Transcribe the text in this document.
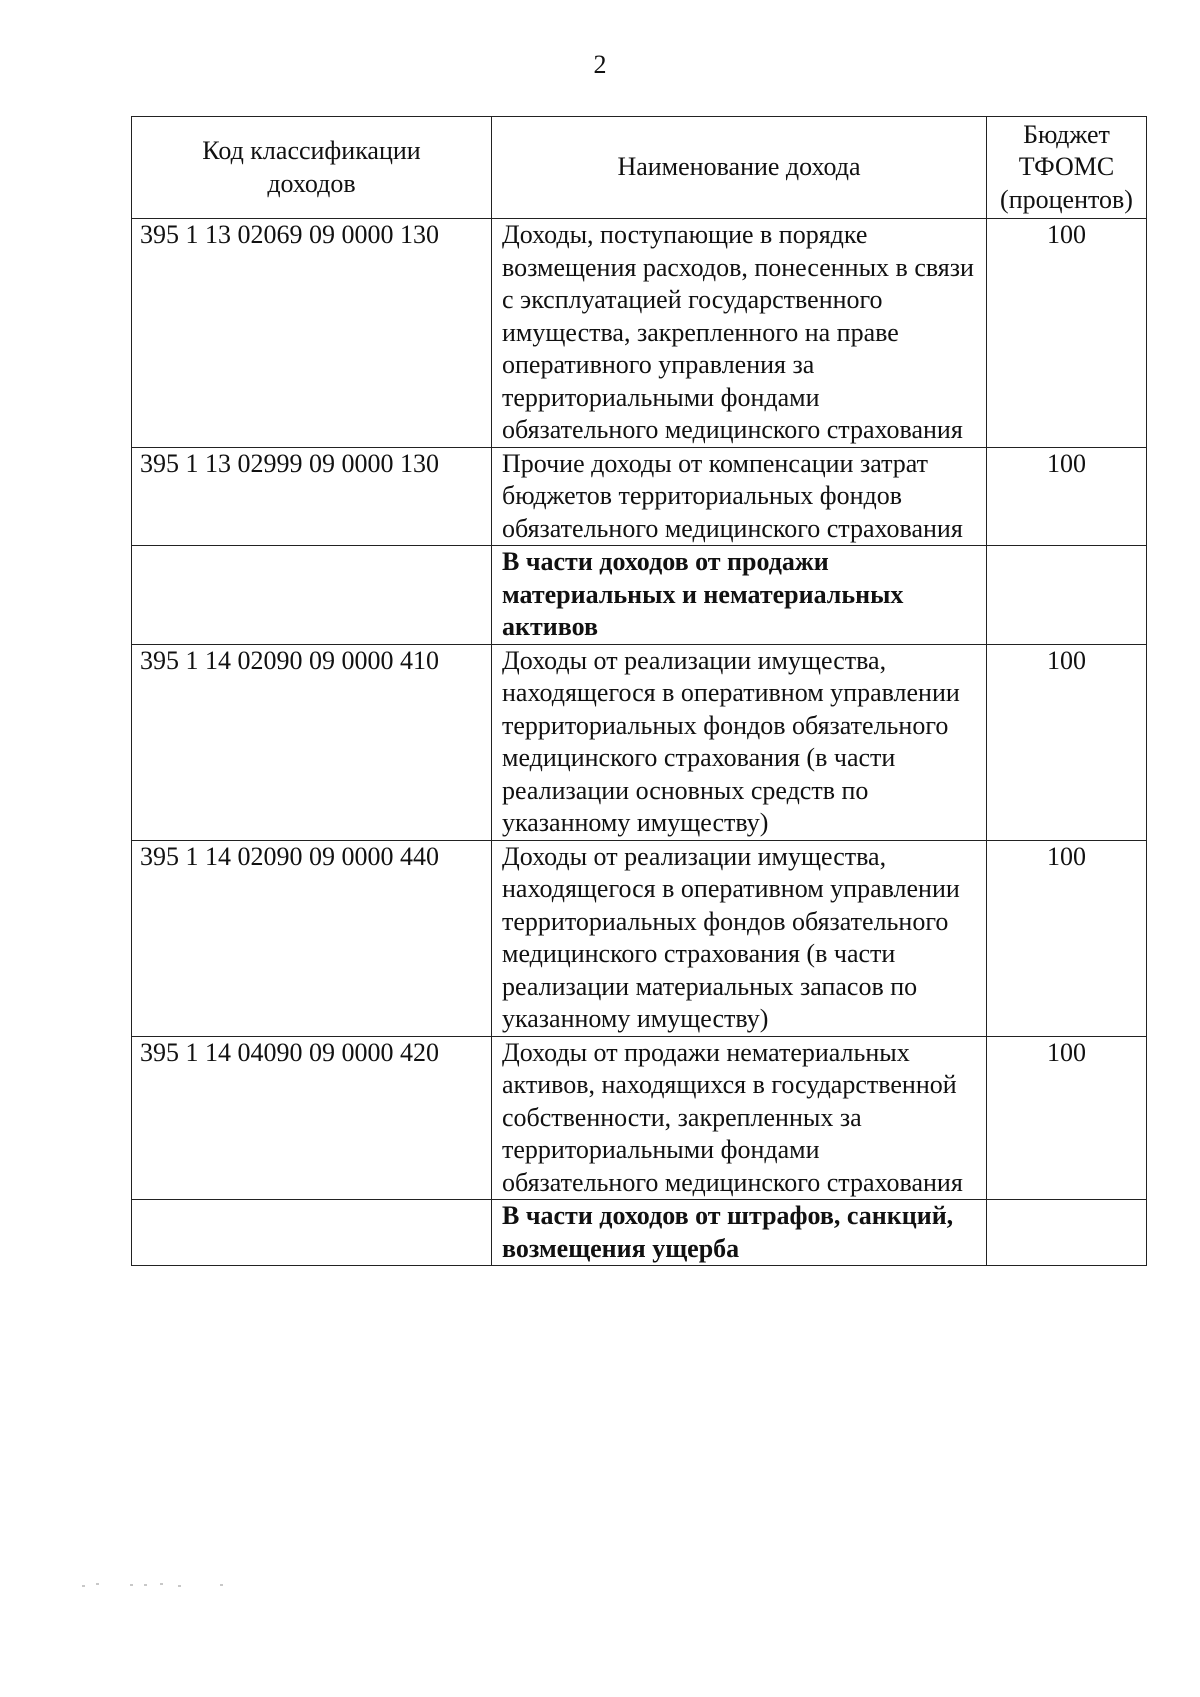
2
Код классификации доходов	Наименование дохода	Бюджет ТФОМС (процентов)
395 1 13 02069 09 0000 130	Доходы, поступающие в порядке возмещения расходов, понесенных в связи с эксплуатацией государственного имущества, закрепленного на праве оперативного управления за территориальными фондами обязательного медицинского страхования	100
395 1 13 02999 09 0000 130	Прочие доходы от компенсации затрат бюджетов территориальных фондов обязательного медицинского страхования	100
	В части доходов от продажи материальных и нематериальных активов	
395 1 14 02090 09 0000 410	Доходы от реализации имущества, находящегося в оперативном управлении территориальных фондов обязательного медицинского страхования (в части реализации основных средств по указанному имуществу)	100
395 1 14 02090 09 0000 440	Доходы от реализации имущества, находящегося в оперативном управлении территориальных фондов обязательного медицинского страхования (в части реализации материальных запасов по указанному имуществу)	100
395 1 14 04090 09 0000 420	Доходы от продажи нематериальных активов, находящихся в государственной собственности, закрепленных за территориальными фондами обязательного медицинского страхования	100
	В части доходов от штрафов, санкций, возмещения ущерба	
